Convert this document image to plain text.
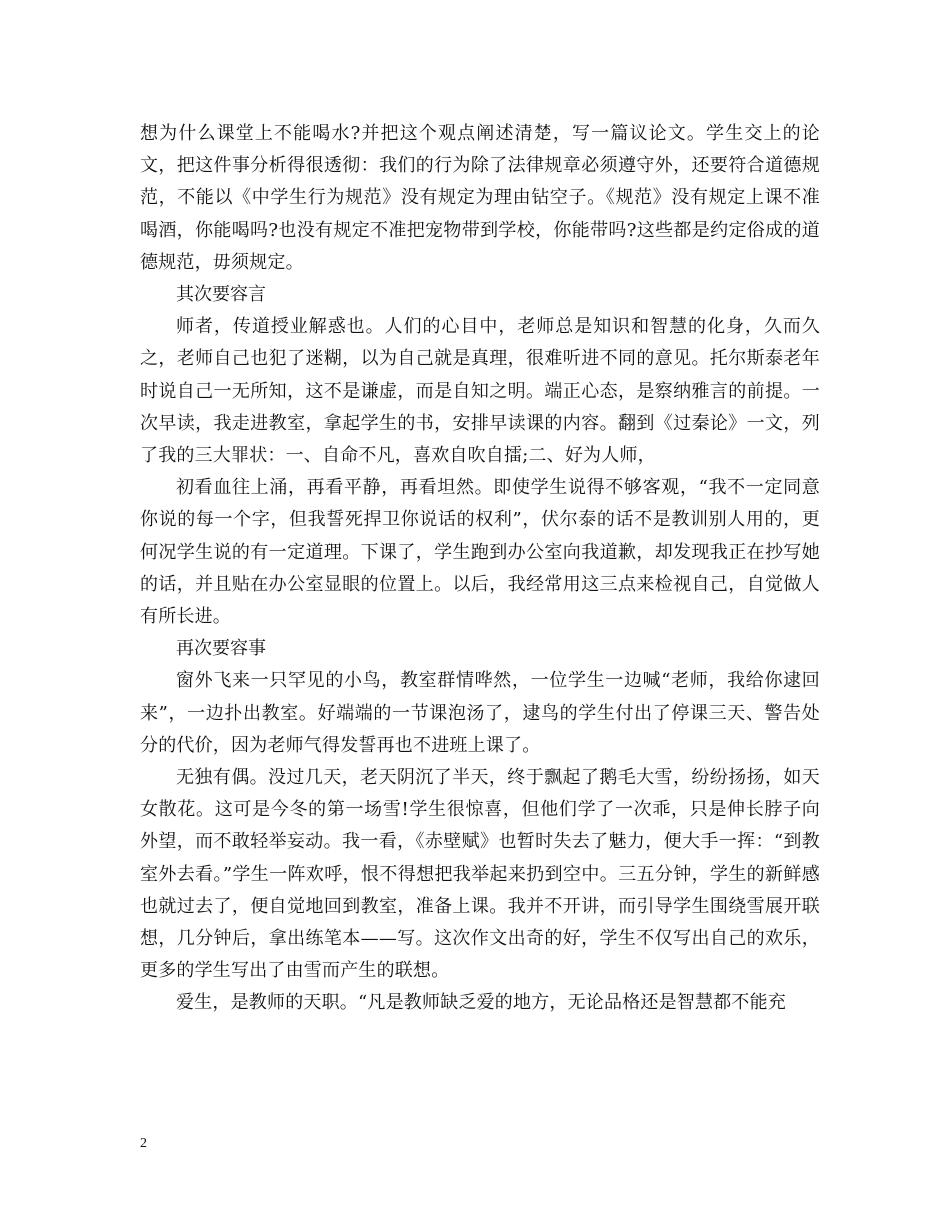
想为什么课堂上不能喝水?并把这个观点阐述清楚，写一篇议论文。学生交上的论文，把这件事分析得很透彻：我们的行为除了法律规章必须遵守外，还要符合道德规范，不能以《中学生行为规范》没有规定为理由钻空子。《规范》没有规定上课不准喝酒，你能喝吗?也没有规定不准把宠物带到学校，你能带吗?这些都是约定俗成的道德规范，毋须规定。

其次要容言

师者，传道授业解惑也。人们的心目中，老师总是知识和智慧的化身，久而久之，老师自己也犯了迷糊，以为自己就是真理，很难听进不同的意见。托尔斯泰老年时说自己一无所知，这不是谦虚，而是自知之明。端正心态，是察纳雅言的前提。一次早读，我走进教室，拿起学生的书，安排早读课的内容。翻到《过秦论》一文，列了我的三大罪状：一、自命不凡，喜欢自吹自擂;二、好为人师，

初看血往上涌，再看平静，再看坦然。即使学生说得不够客观，“我不一定同意你说的每一个字，但我誓死捍卫你说话的权利”，伏尔泰的话不是教训别人用的，更何况学生说的有一定道理。下课了，学生跑到办公室向我道歉，却发现我正在抄写她的话，并且贴在办公室显眼的位置上。以后，我经常用这三点来检视自己，自觉做人有所长进。

再次要容事

窗外飞来一只罕见的小鸟，教室群情哗然，一位学生一边喊“老师，我给你逮回来”，一边扑出教室。好端端的一节课泡汤了，逮鸟的学生付出了停课三天、警告处分的代价，因为老师气得发誓再也不进班上课了。

无独有偶。没过几天，老天阴沉了半天，终于飘起了鹅毛大雪，纷纷扬扬，如天女散花。这可是今冬的第一场雪!学生很惊喜，但他们学了一次乖，只是伸长脖子向外望，而不敢轻举妄动。我一看，《赤壁赋》也暂时失去了魅力，便大手一挥：“到教室外去看。”学生一阵欢呼，恨不得想把我举起来扔到空中。三五分钟，学生的新鲜感也就过去了，便自觉地回到教室，准备上课。我并不开讲，而引导学生围绕雪展开联想，几分钟后，拿出练笔本——写。这次作文出奇的好，学生不仅写出自己的欢乐，更多的学生写出了由雪而产生的联想。

爱生，是教师的天职。“凡是教师缺乏爱的地方，无论品格还是智慧都不能充

2
